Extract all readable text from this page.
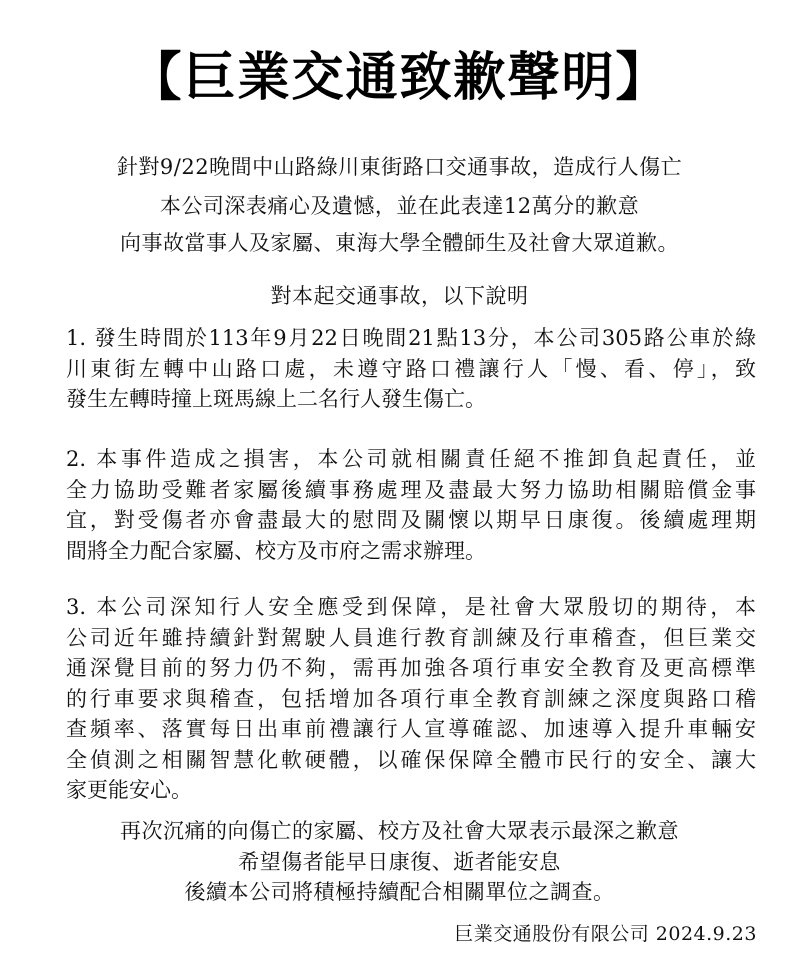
【巨業交通致歉聲明】
針對9/22晚間中山路綠川東街路口交通事故，造成行人傷亡
本公司深表痛心及遺憾，並在此表達12萬分的歉意
向事故當事人及家屬、東海大學全體師生及社會大眾道歉。
對本起交通事故，以下說明
1. 發生時間於113年9月22日晚間21點13分，本公司305路公車於綠
川東街左轉中山路口處，未遵守路口禮讓行人「慢、看、停」，致
發生左轉時撞上斑馬線上二名行人發生傷亡。
2. 本事件造成之損害，本公司就相關責任絕不推卸負起責任，並
全力協助受難者家屬後續事務處理及盡最大努力協助相關賠償金事
宜，對受傷者亦會盡最大的慰問及關懷以期早日康復。後續處理期
間將全力配合家屬、校方及市府之需求辦理。
3. 本公司深知行人安全應受到保障，是社會大眾殷切的期待，本
公司近年雖持續針對駕駛人員進行教育訓練及行車稽查，但巨業交
通深覺目前的努力仍不夠，需再加強各項行車安全教育及更高標準
的行車要求與稽查，包括增加各項行車全教育訓練之深度與路口稽
查頻率、落實每日出車前禮讓行人宣導確認、加速導入提升車輛安
全偵測之相關智慧化軟硬體，以確保保障全體市民行的安全、讓大
家更能安心。
再次沉痛的向傷亡的家屬、校方及社會大眾表示最深之歉意
希望傷者能早日康復、逝者能安息
後續本公司將積極持續配合相關單位之調查。
巨業交通股份有限公司 2024.9.23
